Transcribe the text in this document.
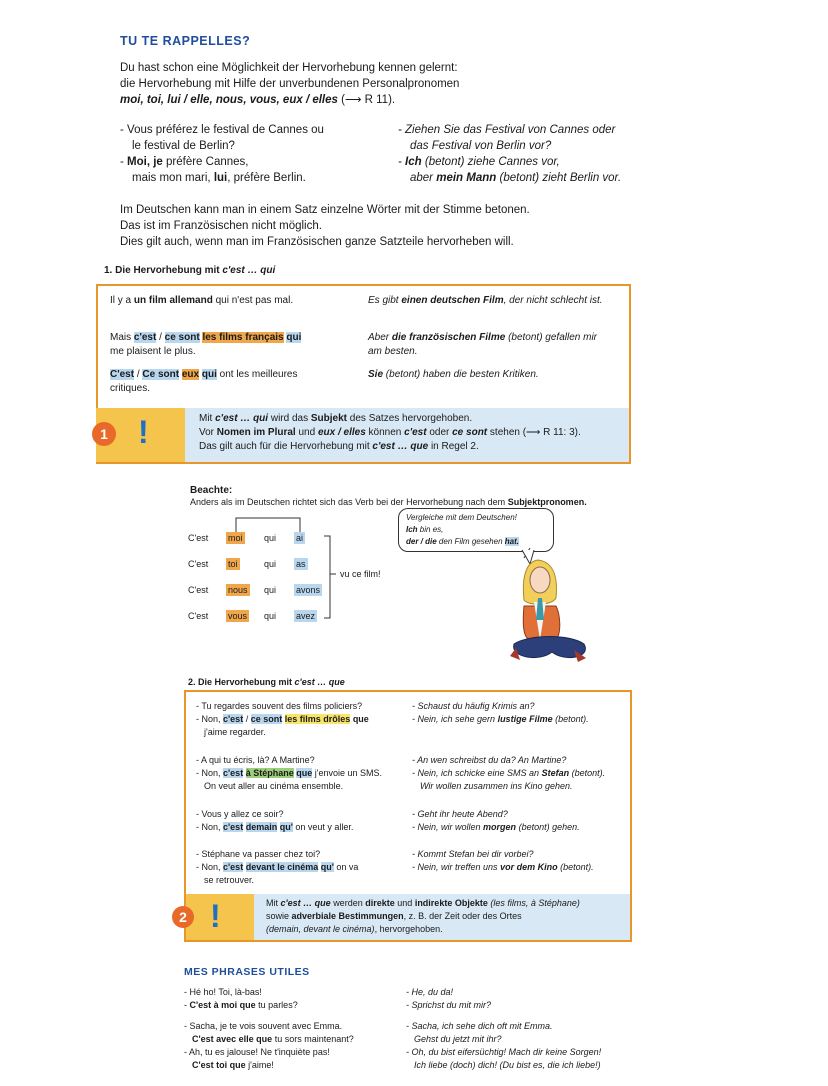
TU TE RAPPELLES?
Du hast schon eine Möglichkeit der Hervorhebung kennen gelernt:
die Hervorhebung mit Hilfe der unverbundenen Personalpronomen
moi, toi, lui / elle, nous, vous, eux / elles (⟶ R 11).
- Vous préférez le festival de Cannes ou
le festival de Berlin?
- Moi, je préfère Cannes,
mais mon mari, lui, préfère Berlin.
- Ziehen Sie das Festival von Cannes oder
das Festival von Berlin vor?
- Ich (betont) ziehe Cannes vor,
aber mein Mann (betont) zieht Berlin vor.
Im Deutschen kann man in einem Satz einzelne Wörter mit der Stimme betonen.
Das ist im Französischen nicht möglich.
Dies gilt auch, wenn man im Französischen ganze Satzteile hervorheben will.
1. Die Hervorhebung mit c'est … qui
Il y a un film allemand qui n'est pas mal.	Es gibt einen deutschen Film, der nicht schlecht ist.
Mais c'est / ce sont les films français qui
me plaisent le plus.
Aber die französischen Filme (betont) gefallen mir am besten.
C'est / Ce sont eux qui ont les meilleures critiques.
Sie (betont) haben die besten Kritiken.
Mit c'est … qui wird das Subjekt des Satzes hervorgehoben.
Vor Nomen im Plural und eux / elles können c'est oder ce sont stehen (⟶ R 11: 3).
Das gilt auch für die Hervorhebung mit c'est … que in Regel 2.
1 !
Beachte:
Anders als im Deutschen richtet sich das Verb bei der Hervorhebung nach dem Subjektpronomen.
C'est moi qui ai
C'est toi	qui as
C'est nous qui avons
C'est vous qui avez
vu ce film!
Vergleiche mit dem Deutschen!
Ich bin es,
der / die den Film gesehen hat.
2. Die Hervorhebung mit c'est … que
- Tu regardes souvent des films policiers?
- Non, c'est / ce sont les films drôles que
j'aime regarder.
- Schaust du häufig Krimis an?
- Nein, ich sehe gern lustige Filme (betont).
- A qui tu écris, là? A Martine?
- Non, c'est à Stéphane que j'envoie un SMS.
On veut aller au cinéma ensemble.
- An wen schreibst du da? An Martine?
- Nein, ich schicke eine SMS an Stefan (betont).
Wir wollen zusammen ins Kino gehen.
- Vous y allez ce soir?
- Non, c'est demain qu' on veut y aller.
- Geht ihr heute Abend?
- Nein, wir wollen morgen (betont) gehen.
- Stéphane va passer chez toi?
- Non, c'est devant le cinéma qu' on va
se retrouver.
- Kommt Stefan bei dir vorbei?
- Nein, wir treffen uns vor dem Kino (betont).
Mit c'est … que werden direkte und indirekte Objekte (les films, à Stéphane)
sowie adverbiale Bestimmungen, z. B. der Zeit oder des Ortes
(demain, devant le cinéma), hervorgehoben.
2 !
MES PHRASES UTILES
- Hé ho! Toi, là-bas!
- C'est à moi que tu parles?
- Sacha, je te vois souvent avec Emma.
C'est avec elle que tu sors maintenant?
- Ah, tu es jalouse! Ne t'inquiète pas!
C'est toi que j'aime!
- He, du da!
- Sprichst du mit mir?
- Sacha, ich sehe dich oft mit Emma.
Gehst du jetzt mit ihr?
- Oh, du bist eifersüchtig! Mach dir keine Sorgen!
Ich liebe (doch) dich! (Du bist es, die ich liebe!)
